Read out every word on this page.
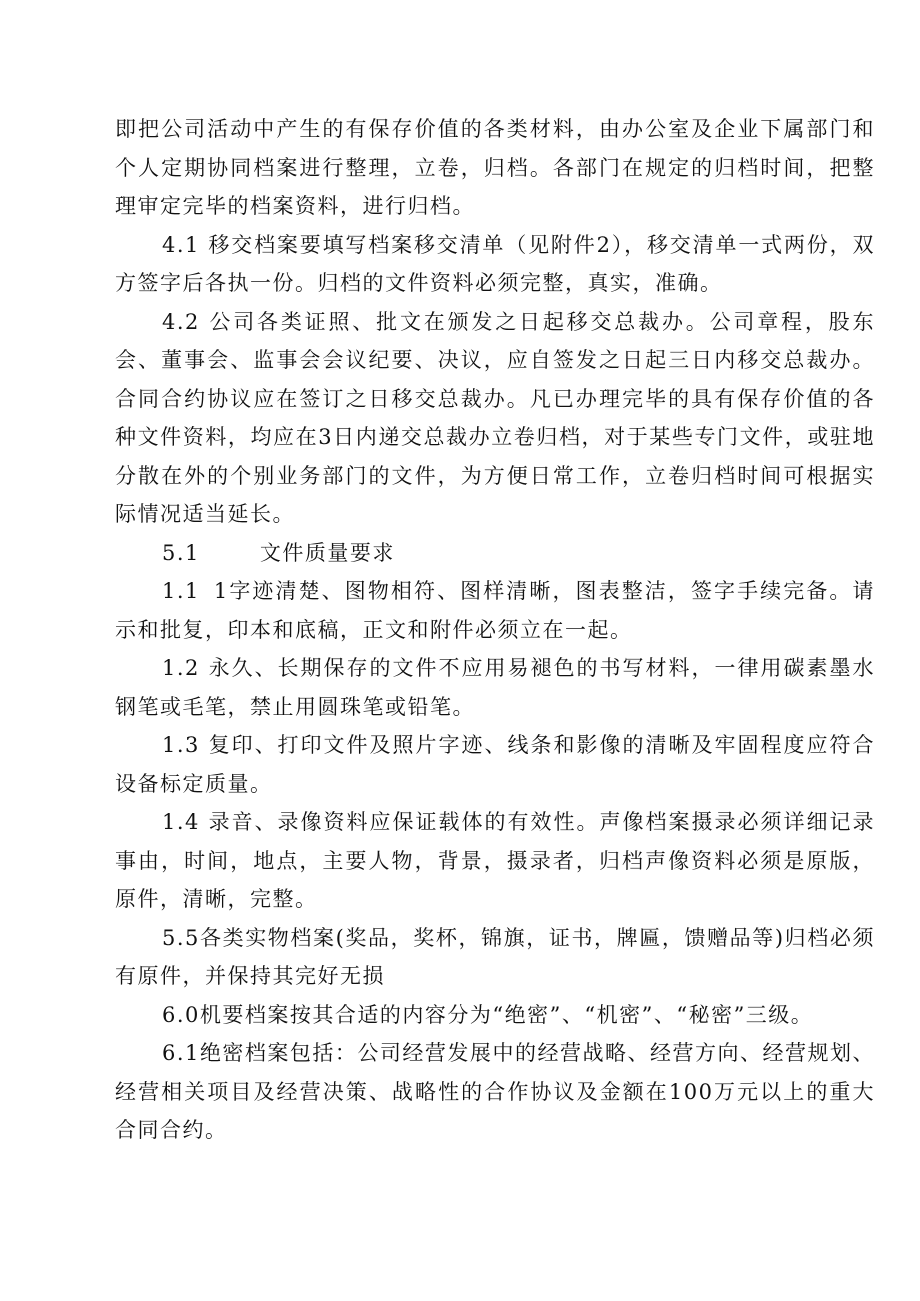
即把公司活动中产生的有保存价值的各类材料，由办公室及企业下属部门和个人定期协同档案进行整理，立卷，归档。各部门在规定的归档时间，把整理审定完毕的档案资料，进行归档。

4.1 移交档案要填写档案移交清单（见附件2），移交清单一式两份，双方签字后各执一份。归档的文件资料必须完整，真实，准确。

4.2 公司各类证照、批文在颁发之日起移交总裁办。公司章程，股东会、董事会、监事会会议纪要、决议，应自签发之日起三日内移交总裁办。合同合约协议应在签订之日移交总裁办。凡已办理完毕的具有保存价值的各种文件资料，均应在3日内递交总裁办立卷归档，对于某些专门文件，或驻地分散在外的个别业务部门的文件，为方便日常工作，立卷归档时间可根据实际情况适当延长。

5.1	文件质量要求

1.1 1字迹清楚、图物相符、图样清晰，图表整洁，签字手续完备。请示和批复，印本和底稿，正文和附件必须立在一起。

1.2 永久、长期保存的文件不应用易褪色的书写材料，一律用碳素墨水钢笔或毛笔，禁止用圆珠笔或铅笔。

1.3 复印、打印文件及照片字迹、线条和影像的清晰及牢固程度应符合设备标定质量。

1.4 录音、录像资料应保证载体的有效性。声像档案摄录必须详细记录事由，时间，地点，主要人物，背景，摄录者，归档声像资料必须是原版，原件，清晰，完整。

5.5各类实物档案(奖品，奖杯，锦旗，证书，牌匾，馈赠品等)归档必须有原件，并保持其完好无损

6.0机要档案按其合适的内容分为“绝密”、“机密”、“秘密”三级。

6.1绝密档案包括：公司经营发展中的经营战略、经营方向、经营规划、经营相关项目及经营决策、战略性的合作协议及金额在100万元以上的重大合同合约。
